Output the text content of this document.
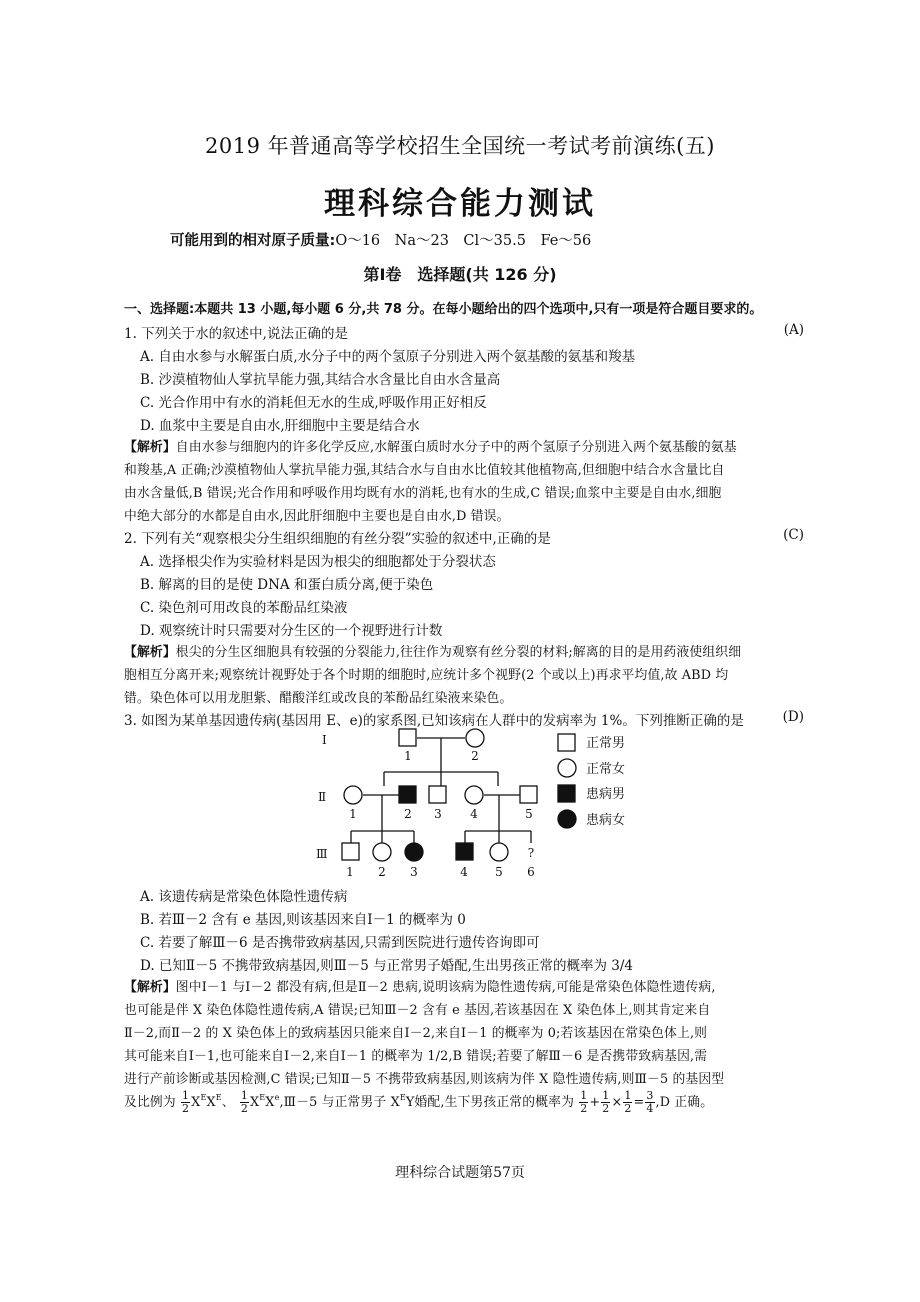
2019 年普通高等学校招生全国统一考试考前演练(五)
理科综合能力测试
可能用到的相对原子质量:O～16　Na～23　Cl～35.5　Fe～56
第Ⅰ卷　选择题(共 126 分)
一、选择题:本题共 13 小题,每小题 6 分,共 78 分。在每小题给出的四个选项中,只有一项是符合题目要求的。
1. 下列关于水的叙述中,说法正确的是	(A)
A. 自由水参与水解蛋白质,水分子中的两个氢原子分别进入两个氨基酸的氨基和羧基
B. 沙漠植物仙人掌抗旱能力强,其结合水含量比自由水含量高
C. 光合作用中有水的消耗但无水的生成,呼吸作用正好相反
D. 血浆中主要是自由水,肝细胞中主要是结合水
【解析】自由水参与细胞内的许多化学反应,水解蛋白质时水分子中的两个氢原子分别进入两个氨基酸的氨基
和羧基,A 正确;沙漠植物仙人掌抗旱能力强,其结合水与自由水比值较其他植物高,但细胞中结合水含量比自
由水含量低,B 错误;光合作用和呼吸作用均既有水的消耗,也有水的生成,C 错误;血浆中主要是自由水,细胞
中绝大部分的水都是自由水,因此肝细胞中主要也是自由水,D 错误。
2. 下列有关“观察根尖分生组织细胞的有丝分裂”实验的叙述中,正确的是	(C)
A. 选择根尖作为实验材料是因为根尖的细胞都处于分裂状态
B. 解离的目的是使 DNA 和蛋白质分离,便于染色
C. 染色剂可用改良的苯酚品红染液
D. 观察统计时只需要对分生区的一个视野进行计数
【解析】根尖的分生区细胞具有较强的分裂能力,往往作为观察有丝分裂的材料;解离的目的是用药液使组织细
胞相互分离开来;观察统计视野处于各个时期的细胞时,应统计多个视野(2 个或以上)再求平均值,故 ABD 均
错。染色体可以用龙胆紫、醋酸洋红或改良的苯酚品红染液来染色。
3. 如图为某单基因遗传病(基因用 E、e)的家系图,已知该病在人群中的发病率为 1%。下列推断正确的是	(D)
?
Ⅰ
Ⅱ
Ⅲ
1	2
1	2 3 4	5
1 2 3	4 5 6
正常男
正常女
患病男
患病女
A. 该遗传病是常染色体隐性遗传病
B. 若Ⅲ－2 含有 e 基因,则该基因来自Ⅰ－1 的概率为 0
C. 若要了解Ⅲ－6 是否携带致病基因,只需到医院进行遗传咨询即可
D. 已知Ⅱ－5 不携带致病基因,则Ⅲ－5 与正常男子婚配,生出男孩正常的概率为 3/4
【解析】图中Ⅰ－1 与Ⅰ－2 都没有病,但是Ⅱ－2 患病,说明该病为隐性遗传病,可能是常染色体隐性遗传病,
也可能是伴 X 染色体隐性遗传病,A 错误;已知Ⅲ－2 含有 e 基因,若该基因在 X 染色体上,则其肯定来自
Ⅱ－2,而Ⅱ－2 的 X 染色体上的致病基因只能来自Ⅰ－2,来自Ⅰ－1 的概率为 0;若该基因在常染色体上,则
其可能来自Ⅰ－1,也可能来自Ⅰ－2,来自Ⅰ－1 的概率为 1/2,B 错误;若要了解Ⅲ－6 是否携带致病基因,需
进行产前诊断或基因检测,C 错误;已知Ⅱ－5 不携带致病基因,则该病为伴 X 隐性遗传病,则Ⅲ－5 的基因型
及比例为 $\frac{1}{2} X^EX^E$、 $\frac{1}{2}$ $X^EX^e,Ⅲ-5$ 与正常男子 $X^EY$婚配,生下男孩正常的概率为 $\frac{1}{2} + \frac{1}{2} \times \frac{1}{2} = \frac{3}{4} ,D$ 正确。
理科综合试题第57页
